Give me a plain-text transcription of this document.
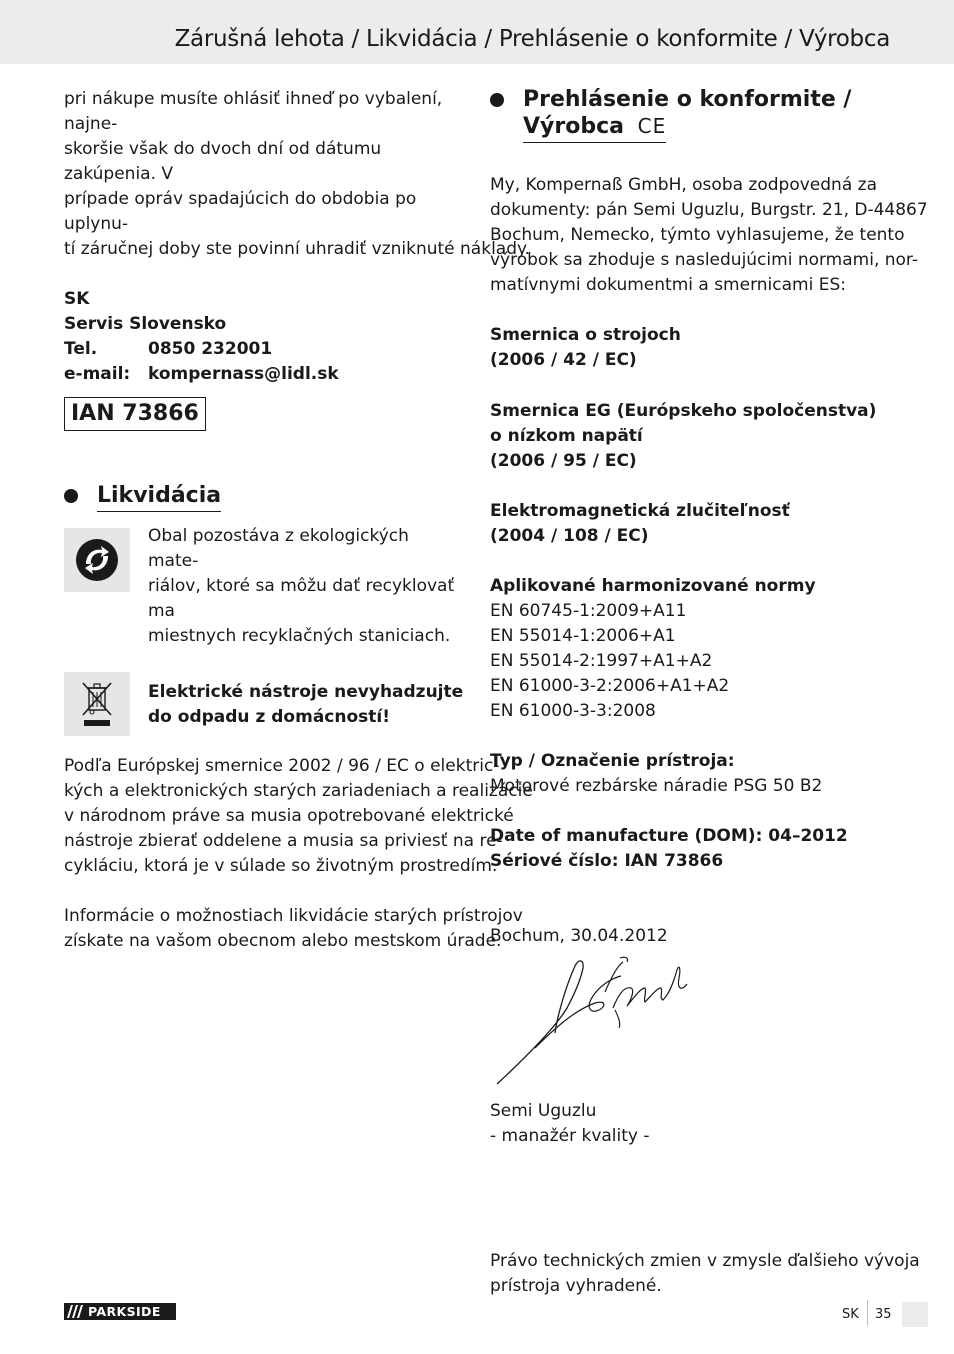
Zárušná lehota / Likvidácia / Prehlásenie o konformite / Výrobca

pri nákupe musíte ohlásiť ihneď po vybalení, najne-

skoršie však do dvoch dní od dátumu zakúpenia. V

prípade opráv spadajúcich do obdobia po uplynu-

tí záručnej doby ste povinní uhradiť vzniknuté náklady.

SK

Servis Slovensko

Tel.	0850 232001
e-mail:	kompernass@lidl.sk
IAN 73866
Likvidácia

Obal pozostáva z ekologických mate-

riálov, ktoré sa môžu dať recyklovať ma

miestnych recyklačných staniciach.

Elektrické nástroje nevyhadzujte

do odpadu z domácností!

Podľa Európskej smernice 2002 / 96 / EC o elektric-

kých a elektronických starých zariadeniach a realizácie

v národnom práve sa musia opotrebované elektrické

nástroje zbierať oddelene a musia sa priviesť na re-

cykláciu, ktorá je v súlade so životným prostredím.

Informácie o možnostiach likvidácie starých prístrojov

získate na vašom obecnom alebo mestskom úrade.

Prehlásenie o konformite /
Výrobca CE

My, Kompernaß GmbH, osoba zodpovedná za

dokumenty: pán Semi Uguzlu, Burgstr. 21, D-44867

Bochum, Nemecko, týmto vyhlasujeme, že tento

výrobok sa zhoduje s nasledujúcimi normami, nor-

matívnymi dokumentmi a smernicami ES:

Smernica o strojoch

(2006 / 42 / EC)

Smernica EG (Európskeho spoločenstva)

o nízkom napätí

(2006 / 95 / EC)

Elektromagnetická zlučiteľnosť

(2004 / 108 / EC)

Aplikované harmonizované normy

EN 60745-1:2009+A11

EN 55014-1:2006+A1

EN 55014-2:1997+A1+A2

EN 61000-3-2:2006+A1+A2

EN 61000-3-3:2008

Typ / Označenie prístroja:

Motorové rezbárske náradie PSG 50 B2

Date of manufacture (DOM): 04–2012

Sériové číslo: IAN 73866

Bochum, 30.04.2012

Semi Uguzlu

- manažér kvality -

Právo technických zmien v zmysle ďalšieho vývoja

prístroja vyhradené.

PARKSIDE	SK 35
